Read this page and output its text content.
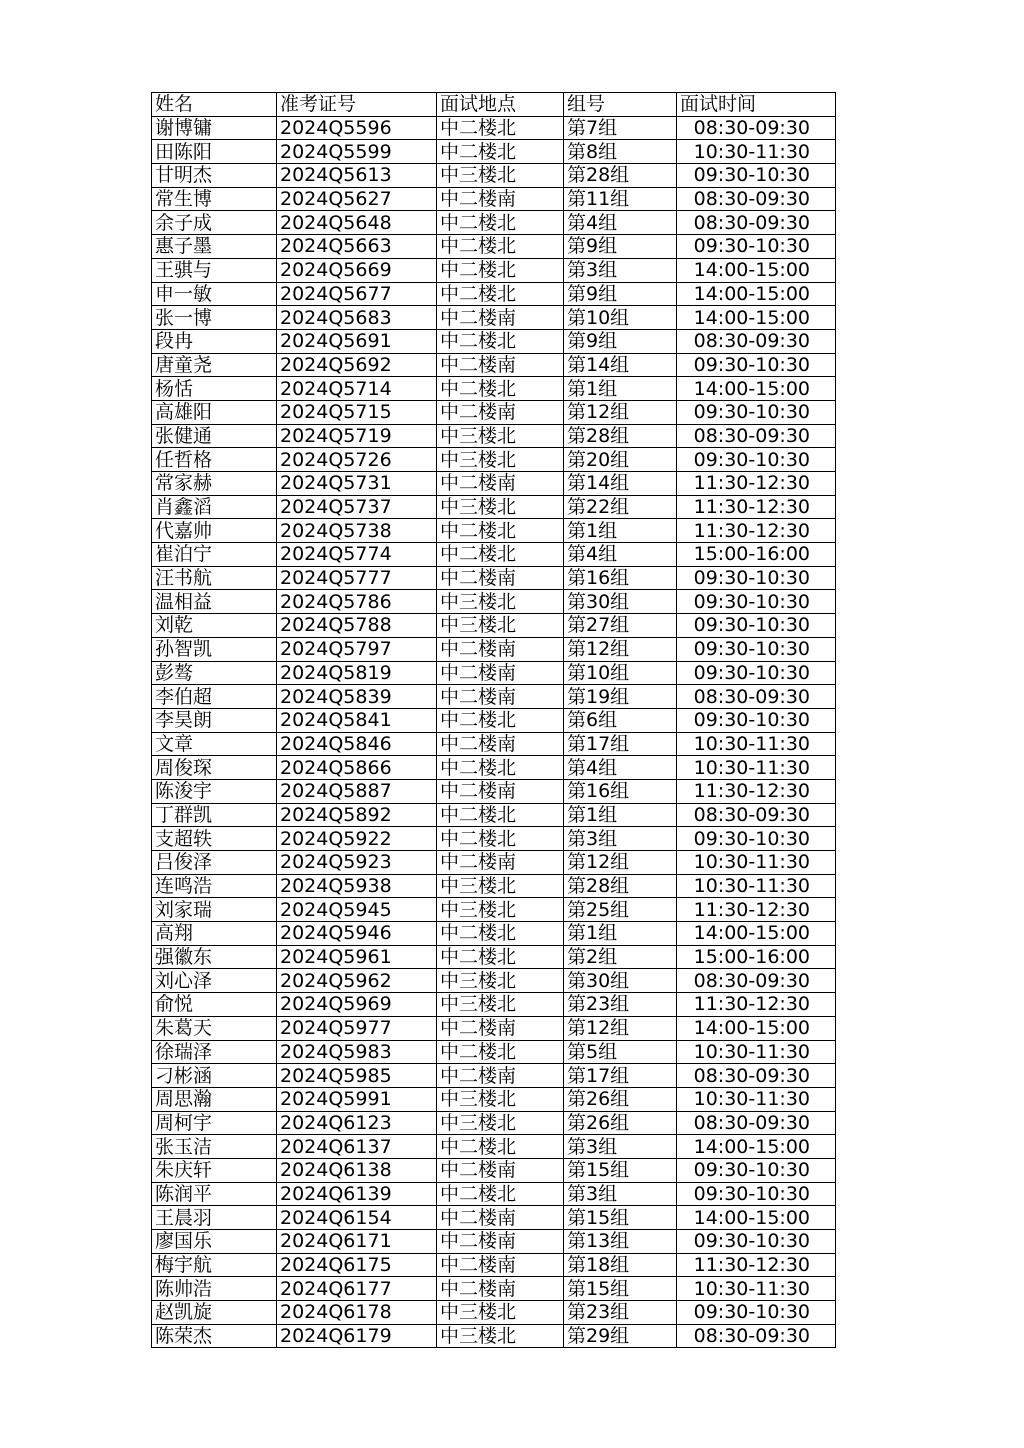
姓名	准考证号	面试地点	组号	面试时间
谢博镛	2024Q5596	中二楼北	第7组	08:30-09:30
田陈阳	2024Q5599	中二楼北	第8组	10:30-11:30
甘明杰	2024Q5613	中三楼北	第28组	09:30-10:30
常生博	2024Q5627	中二楼南	第11组	08:30-09:30
余子成	2024Q5648	中二楼北	第4组	08:30-09:30
惠子墨	2024Q5663	中二楼北	第9组	09:30-10:30
王骐与	2024Q5669	中二楼北	第3组	14:00-15:00
申一敏	2024Q5677	中二楼北	第9组	14:00-15:00
张一博	2024Q5683	中二楼南	第10组	14:00-15:00
段冉	2024Q5691	中二楼北	第9组	08:30-09:30
唐童尧	2024Q5692	中二楼南	第14组	09:30-10:30
杨恬	2024Q5714	中二楼北	第1组	14:00-15:00
高雄阳	2024Q5715	中二楼南	第12组	09:30-10:30
张健通	2024Q5719	中三楼北	第28组	08:30-09:30
任哲格	2024Q5726	中三楼北	第20组	09:30-10:30
常家赫	2024Q5731	中二楼南	第14组	11:30-12:30
肖鑫滔	2024Q5737	中三楼北	第22组	11:30-12:30
代嘉帅	2024Q5738	中二楼北	第1组	11:30-12:30
崔泊宁	2024Q5774	中二楼北	第4组	15:00-16:00
汪书航	2024Q5777	中二楼南	第16组	09:30-10:30
温相益	2024Q5786	中三楼北	第30组	09:30-10:30
刘乾	2024Q5788	中三楼北	第27组	09:30-10:30
孙智凯	2024Q5797	中二楼南	第12组	09:30-10:30
彭骜	2024Q5819	中二楼南	第10组	09:30-10:30
李伯超	2024Q5839	中二楼南	第19组	08:30-09:30
李昊朗	2024Q5841	中二楼北	第6组	09:30-10:30
文章	2024Q5846	中二楼南	第17组	10:30-11:30
周俊琛	2024Q5866	中二楼北	第4组	10:30-11:30
陈浚宇	2024Q5887	中二楼南	第16组	11:30-12:30
丁群凯	2024Q5892	中二楼北	第1组	08:30-09:30
支超轶	2024Q5922	中二楼北	第3组	09:30-10:30
吕俊泽	2024Q5923	中二楼南	第12组	10:30-11:30
连鸣浩	2024Q5938	中三楼北	第28组	10:30-11:30
刘家瑞	2024Q5945	中三楼北	第25组	11:30-12:30
高翔	2024Q5946	中二楼北	第1组	14:00-15:00
强徽东	2024Q5961	中二楼北	第2组	15:00-16:00
刘心泽	2024Q5962	中三楼北	第30组	08:30-09:30
俞悦	2024Q5969	中三楼北	第23组	11:30-12:30
朱葛天	2024Q5977	中二楼南	第12组	14:00-15:00
徐瑞泽	2024Q5983	中二楼北	第5组	10:30-11:30
刁彬涵	2024Q5985	中二楼南	第17组	08:30-09:30
周思瀚	2024Q5991	中三楼北	第26组	10:30-11:30
周柯宇	2024Q6123	中三楼北	第26组	08:30-09:30
张玉洁	2024Q6137	中二楼北	第3组	14:00-15:00
朱庆轩	2024Q6138	中二楼南	第15组	09:30-10:30
陈润平	2024Q6139	中二楼北	第3组	09:30-10:30
王晨羽	2024Q6154	中二楼南	第15组	14:00-15:00
廖国乐	2024Q6171	中二楼南	第13组	09:30-10:30
梅宇航	2024Q6175	中二楼南	第18组	11:30-12:30
陈帅浩	2024Q6177	中二楼南	第15组	10:30-11:30
赵凯旋	2024Q6178	中三楼北	第23组	09:30-10:30
陈荣杰	2024Q6179	中三楼北	第29组	08:30-09:30
